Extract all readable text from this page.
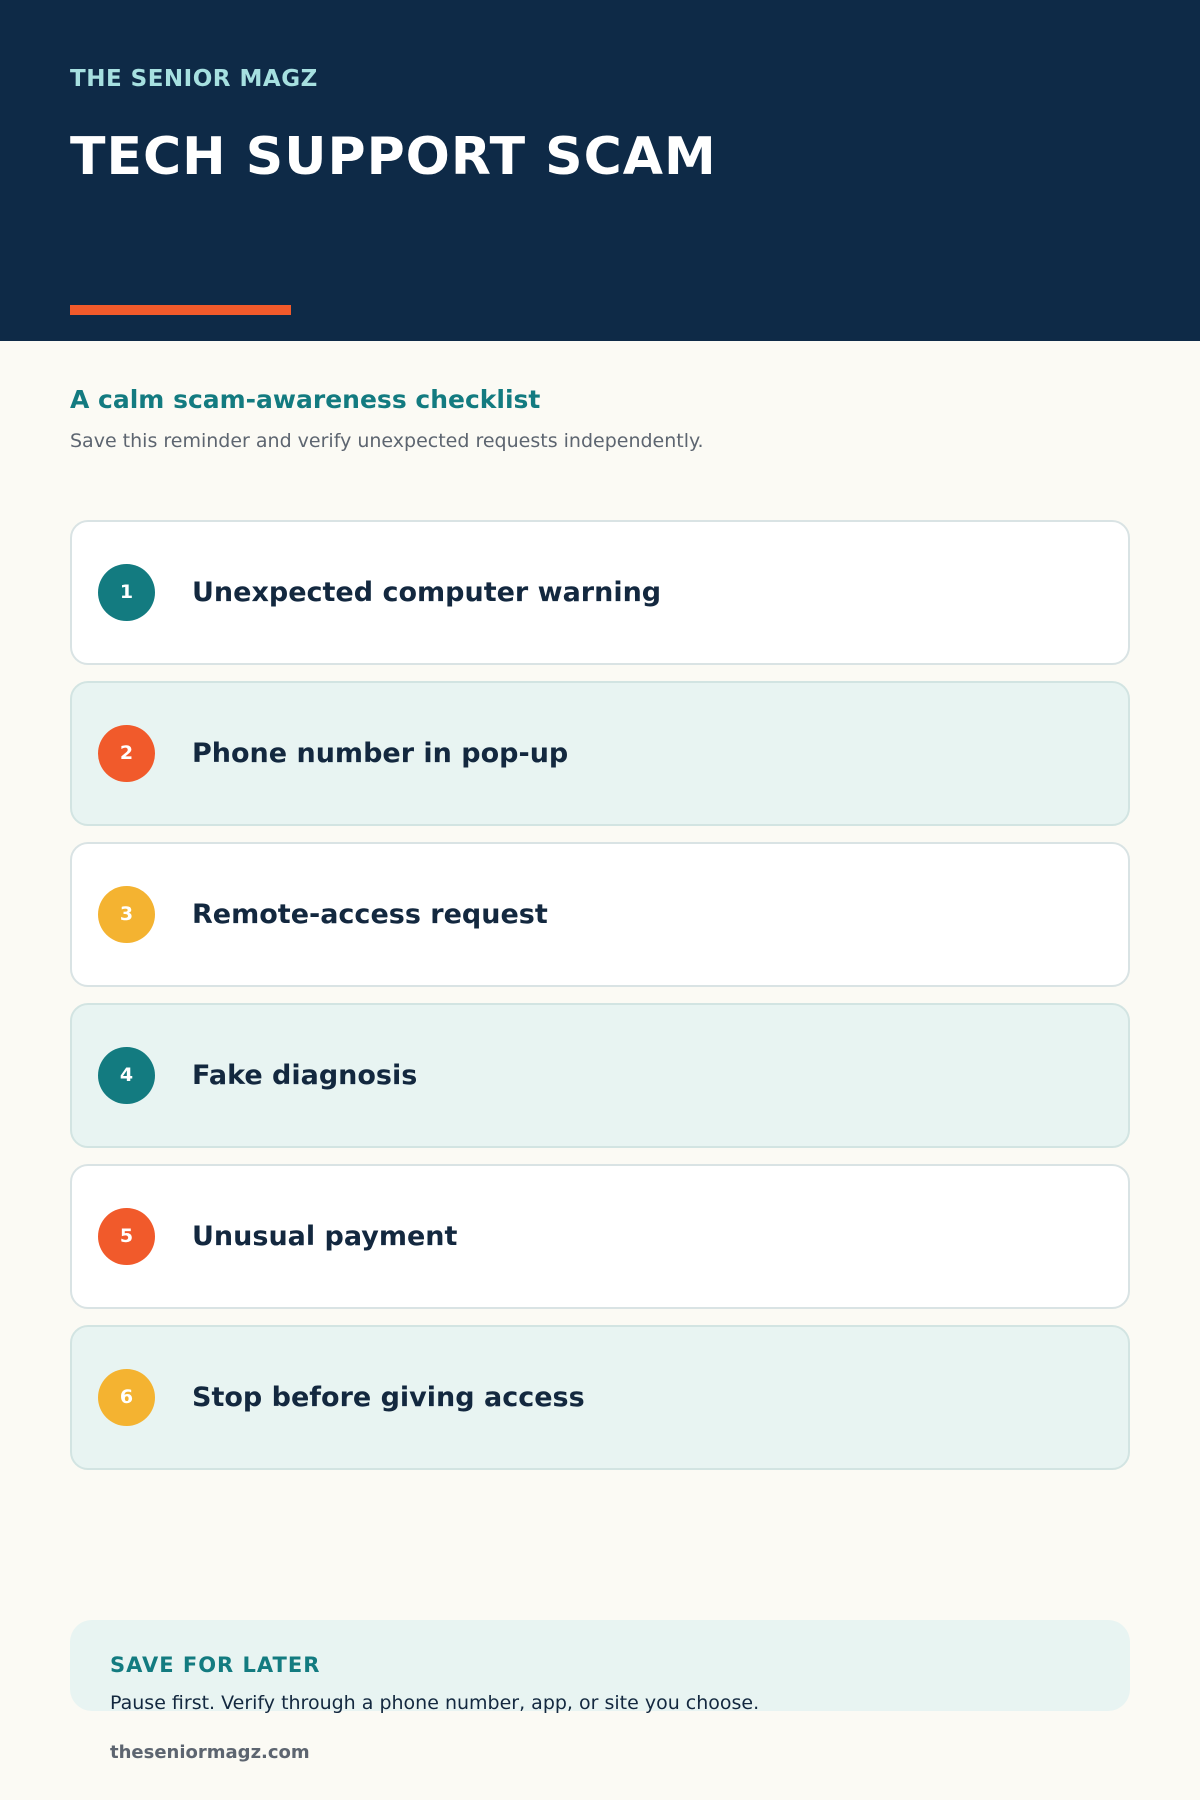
THE SENIOR MAGZ
TECH SUPPORT SCAM
A calm scam-awareness checklist
Save this reminder and verify unexpected requests independently.
1	Unexpected computer warning
2	Phone number in pop-up
3	Remote-access request
4	Fake diagnosis
5	Unusual payment
6	Stop before giving access
SAVE FOR LATER
Pause first. Verify through a phone number, app, or site you choose.
theseniormagz.com
